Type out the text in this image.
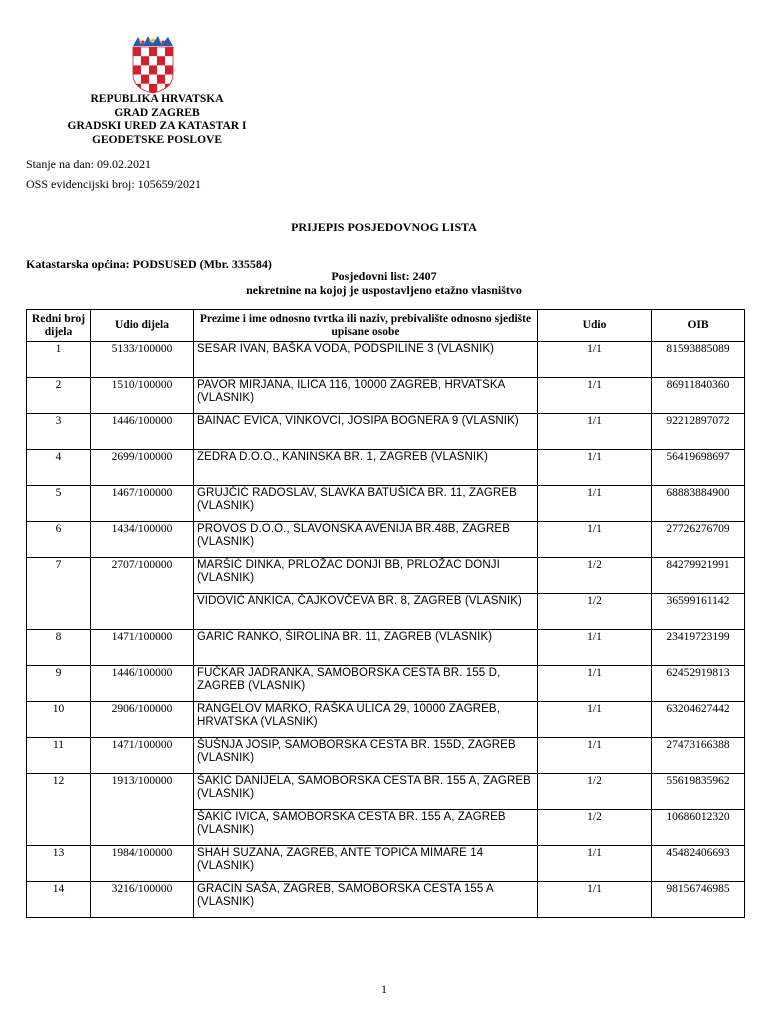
REPUBLIKA HRVATSKA
GRAD ZAGREB
GRADSKI URED ZA KATASTAR I
GEODETSKE POSLOVE
Stanje na dan: 09.02.2021
OSS evidencijski broj: 105659/2021
PRIJEPIS POSJEDOVNOG LISTA
Katastarska općina: PODSUSED (Mbr. 335584)
Posjedovni list: 2407
nekretnine na kojoj je uspostavljeno etažno vlasništvo
Redni broj dijela	Udio dijela	Prezime i ime odnosno tvrtka ili naziv, prebivalište odnosno sjedište upisane osobe	Udio	OIB
1	5133/100000	SESAR IVAN, BAŠKA VODA, PODSPILINE 3 (VLASNIK)	1/1	81593885089
2	1510/100000	PAVOR MIRJANA, ILICA 116, 10000 ZAGREB, HRVATSKA (VLASNIK)	1/1	86911840360
3	1446/100000	BAINAC EVICA, VINKOVCI, JOSIPA BOGNERA 9 (VLASNIK)	1/1	92212897072
4	2699/100000	ZEDRA D.O.O., KANINSKA BR. 1, ZAGREB (VLASNIK)	1/1	56419698697
5	1467/100000	GRUJČIĆ RADOSLAV, SLAVKA BATUŠIĆA BR. 11, ZAGREB (VLASNIK)	1/1	68883884900
6	1434/100000	PROVOS D.O.O., SLAVONSKA AVENIJA BR.48B, ZAGREB (VLASNIK)	1/1	27726276709
7	2707/100000	MARŠIĆ DINKA, PRLOŽAC DONJI BB, PRLOŽAC DONJI (VLASNIK)	1/2	84279921991
		VIDOVIĆ ANKICA, ČAJKOVČEVA BR. 8, ZAGREB (VLASNIK)	1/2	36599161142
8	1471/100000	GARIĆ RANKO, ŠIROLINA BR. 11, ZAGREB (VLASNIK)	1/1	23419723199
9	1446/100000	FUČKAR JADRANKA, SAMOBORSKA CESTA BR. 155 D, ZAGREB (VLASNIK)	1/1	62452919813
10	2906/100000	RANGELOV MARKO, RAŠKA ULICA 29, 10000 ZAGREB, HRVATSKA (VLASNIK)	1/1	63204627442
11	1471/100000	ŠUŠNJA JOSIP, SAMOBORSKA CESTA BR. 155D, ZAGREB (VLASNIK)	1/1	27473166388
12	1913/100000	ŠAKIĆ DANIJELA, SAMOBORSKA CESTA BR. 155 A, ZAGREB (VLASNIK)	1/2	55619835962
		ŠAKIĆ IVICA, SAMOBORSKA CESTA BR. 155 A, ZAGREB (VLASNIK)	1/2	10686012320
13	1984/100000	SHAH SUZANA, ZAGREB, ANTE TOPIĆA MIMARE 14 (VLASNIK)	1/1	45482406693
14	3216/100000	GRACIN SAŠA, ZAGREB, SAMOBORSKA CESTA 155 A (VLASNIK)	1/1	98156746985
1
